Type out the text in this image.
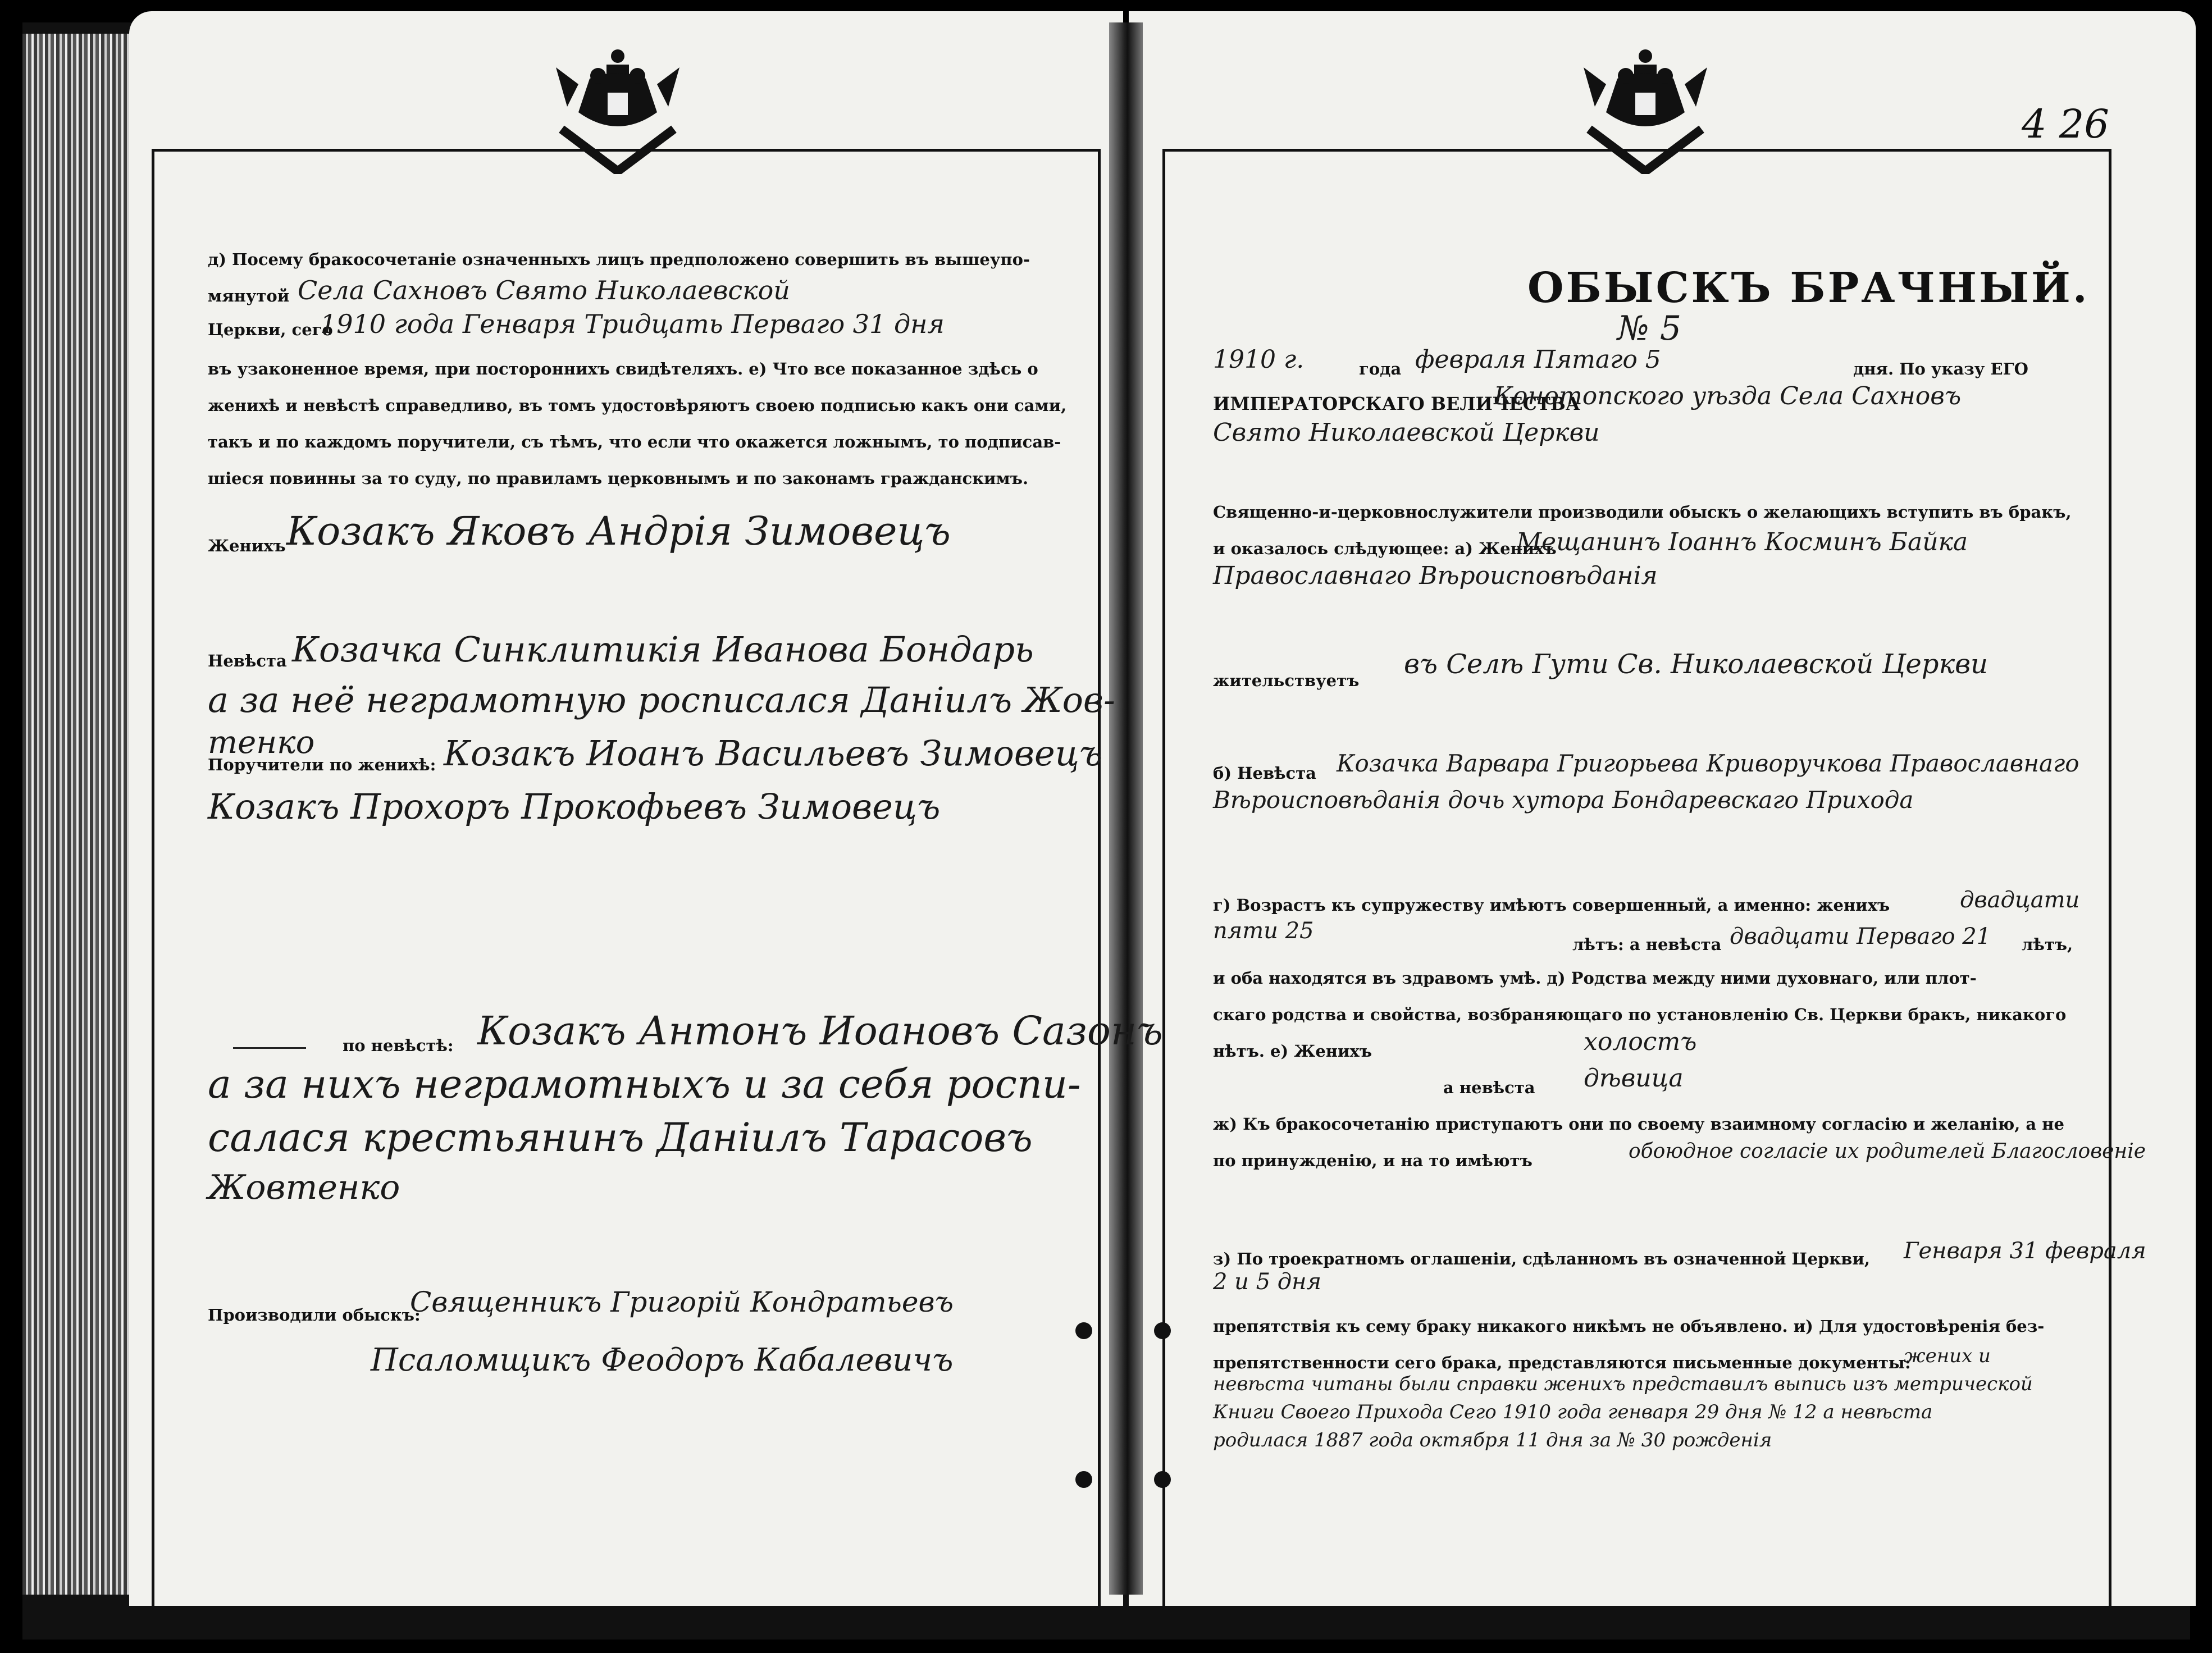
4 26
д) Посему бракосочетаніе означенныхъ лицъ предположено совершить въ вышеупо-
мянутой Села Сахновъ Свято Николаевской
Церкви, сего
1910 года Генваря Тридцать Перваго 31 дня
въ узаконенное время, при постороннихъ свидѣтеляхъ. е) Что все показанное здѣсь о
женихѣ и невѣстѣ справедливо, въ томъ удостовѣряютъ своею подписью какъ они сами,
такъ и по каждомъ поручители, съ тѣмъ, что если что окажется ложнымъ, то подписав-
шіеся повинны за то суду, по правиламъ церковнымъ и по законамъ гражданскимъ.
Женихъ Козакъ Яковъ Андрія Зимовецъ
Невѣста Козачка Синклитикія Иванова Бондарь
а за неё неграмотную росписался Даніилъ Жов-
тенко
Поручители по женихѣ: Козакъ Иоанъ Васильевъ Зимовецъ
Козакъ Прохоръ Прокофьевъ Зимовецъ
по невѣстѣ: Козакъ Антонъ Иоановъ Сазонъ
а за нихъ неграмотныхъ и за себя роспи-
салася крестьянинъ Даніилъ Тарасовъ
Жовтенко
Производили обыскъ:
Священникъ Григорій Кондратьевъ
Псаломщикъ Феодоръ Кабалевичъ
ОБЫСКЪ БРАЧНЫЙ.
№ 5
1910 г.	года февраля Пятаго 5	дня. По указу ЕГО
ИМПЕРАТОРСКАГО ВЕЛИЧЕСТВА
Конотопского уѣзда Села Сахновъ
Свято Николаевской Церкви
Священно-и-церковнослужители производили обыскъ о желающихъ вступить въ бракъ,
и оказалось слѣдующее: а) Женихъ
Мещанинъ Іоаннъ Косминъ Байка
Православнаго Вѣроисповѣданія
жительствуетъ
въ Селѣ Гути Св. Николаевской Церкви
б) Невѣста Козачка Варвара Григорьева Криворучкова Православнаго
Вѣроисповѣданія дочь хутора Бондаревскаго Прихода
г) Возрастъ къ супружеству имѣютъ совершенный, а именно: женихъ	двадцати
пяти 25
лѣтъ: а невѣста двадцати Перваго 21 лѣтъ,
и оба находятся въ здравомъ умѣ. д) Родства между ними духовнаго, или плот-
скаго родства и свойства, возбраняющаго по установленію Св. Церкви бракъ, никакого
нѣтъ. е) Женихъ	холостъ
а невѣста дѣвица
ж) Къ бракосочетанію приступаютъ они по своему взаимному согласію и желанію, а не
по принужденію, и на то имѣютъ	обоюдное согласіе их родителей Благословеніе
з) По троекратномъ оглашеніи, сдѣланномъ въ означенной Церкви, Генваря 31 февраля
2 и 5 дня
препятствія къ сему браку никакого никѣмъ не объявлено. и) Для удостовѣренія без-
препятственности сего брака, представляются письменные документы:
жених и
невѣста читаны были справки женихъ представилъ выпись изъ метрической
Книги Своего Прихода Сего 1910 года генваря 29 дня № 12 а невѣста
родилася 1887 года октября 11 дня за № 30 рожденія
